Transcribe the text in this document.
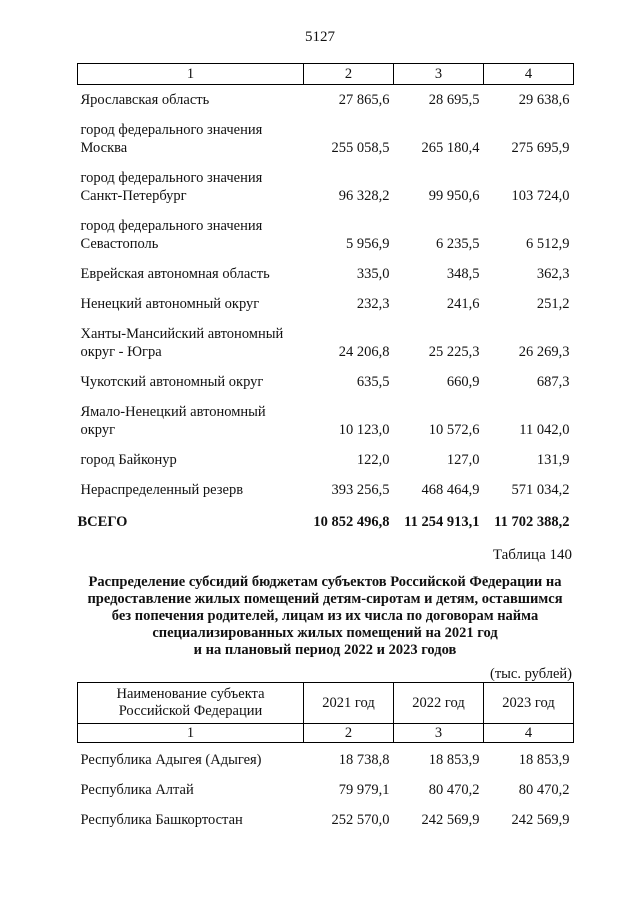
5127
1	2	3	4
Ярославская область	27 865,6	28 695,5	29 638,6
город федерального значения
Москва	255 058,5	265 180,4	275 695,9
город федерального значения
Санкт-Петербург	96 328,2	99 950,6	103 724,0
город федерального значения
Севастополь	5 956,9	6 235,5	6 512,9
Еврейская автономная область	335,0	348,5	362,3
Ненецкий автономный округ	232,3	241,6	251,2
Ханты-Мансийский автономный
округ - Югра	24 206,8	25 225,3	26 269,3
Чукотский автономный округ	635,5	660,9	687,3
Ямало-Ненецкий автономный
округ	10 123,0	10 572,6	11 042,0
город Байконур	122,0	127,0	131,9
Нераспределенный резерв	393 256,5	468 464,9	571 034,2
ВСЕГО	10 852 496,8	11 254 913,1	11 702 388,2
Таблица 140
Распределение субсидий бюджетам субъектов Российской Федерации на
предоставление жилых помещений детям-сиротам и детям, оставшимся
без попечения родителей, лицам из их числа по договорам найма
специализированных жилых помещений на 2021 год
и на плановый период 2022 и 2023 годов
(тыс. рублей)
Наименование субъекта
Российской Федерации	2021 год	2022 год	2023 год
1	2	3	4
Республика Адыгея (Адыгея)	18 738,8	18 853,9	18 853,9
Республика Алтай	79 979,1	80 470,2	80 470,2
Республика Башкортостан	252 570,0	242 569,9	242 569,9
